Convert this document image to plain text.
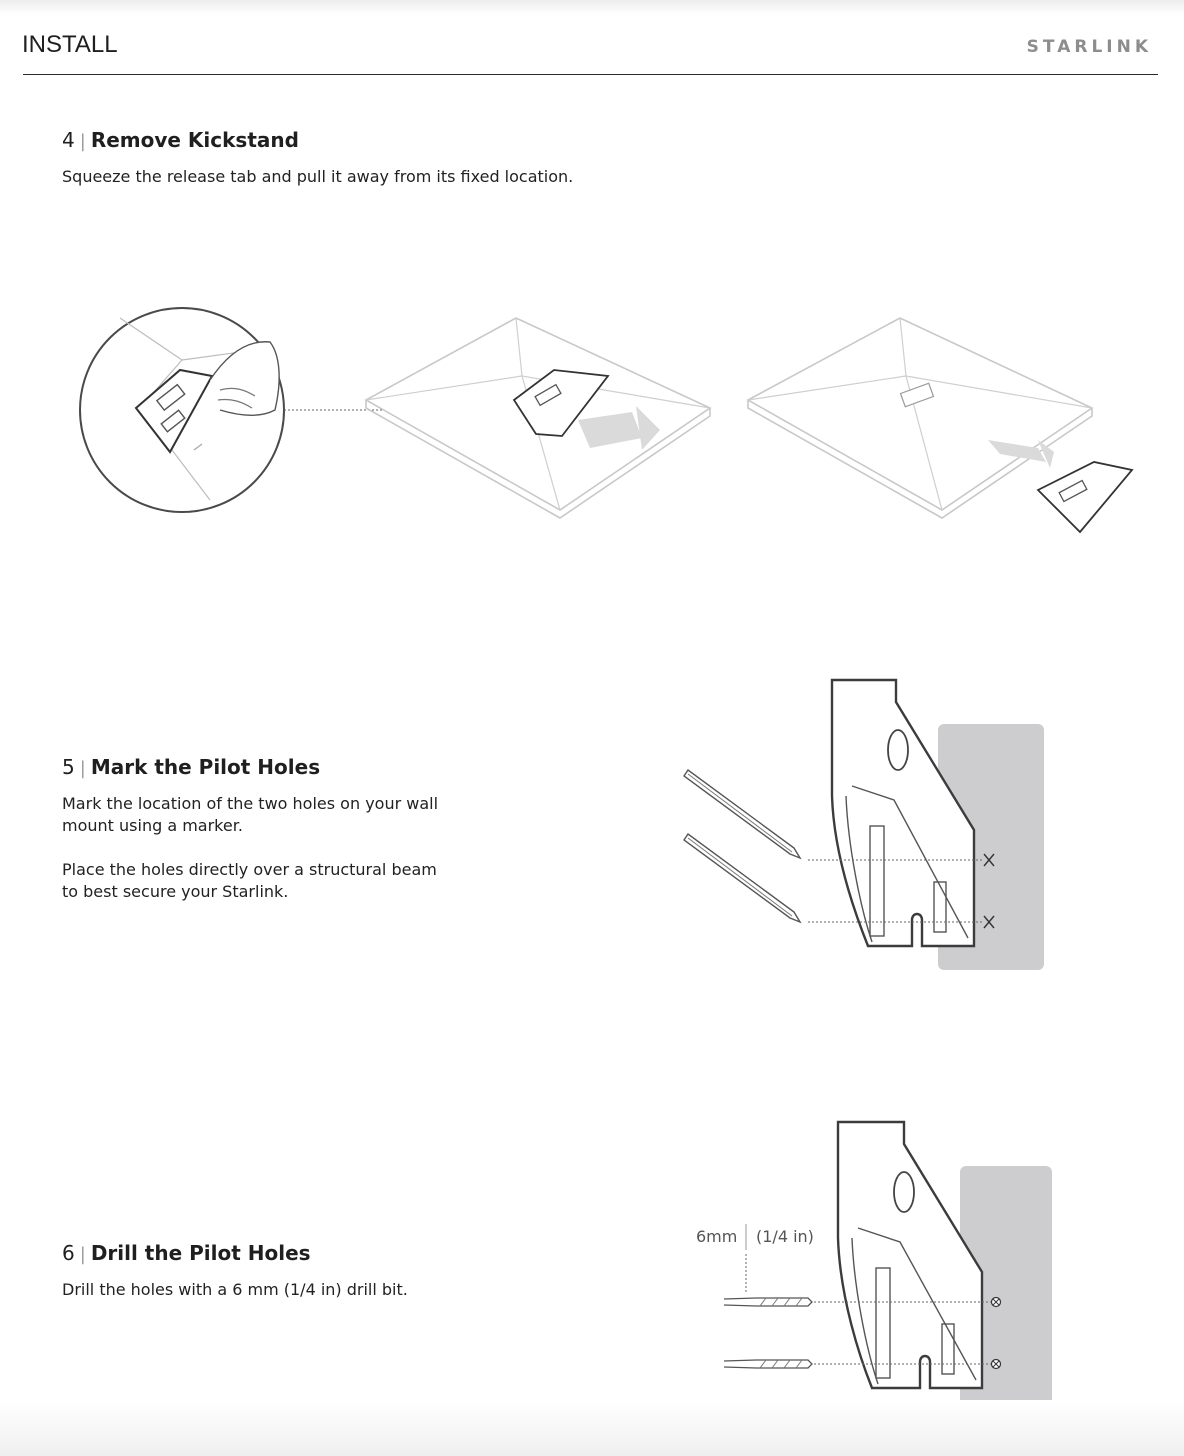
INSTALL	STARLINK
4 | Remove Kickstand

Squeeze the release tab and pull it away from its fixed location.

5 | Mark the Pilot Holes

Mark the location of the two holes on your wall mount using a marker.

Place the holes directly over a structural beam to best secure your Starlink.

6 | Drill the Pilot Holes

Drill the holes with a 6 mm (1/4 in) drill bit.

6mm (1/4 in)
